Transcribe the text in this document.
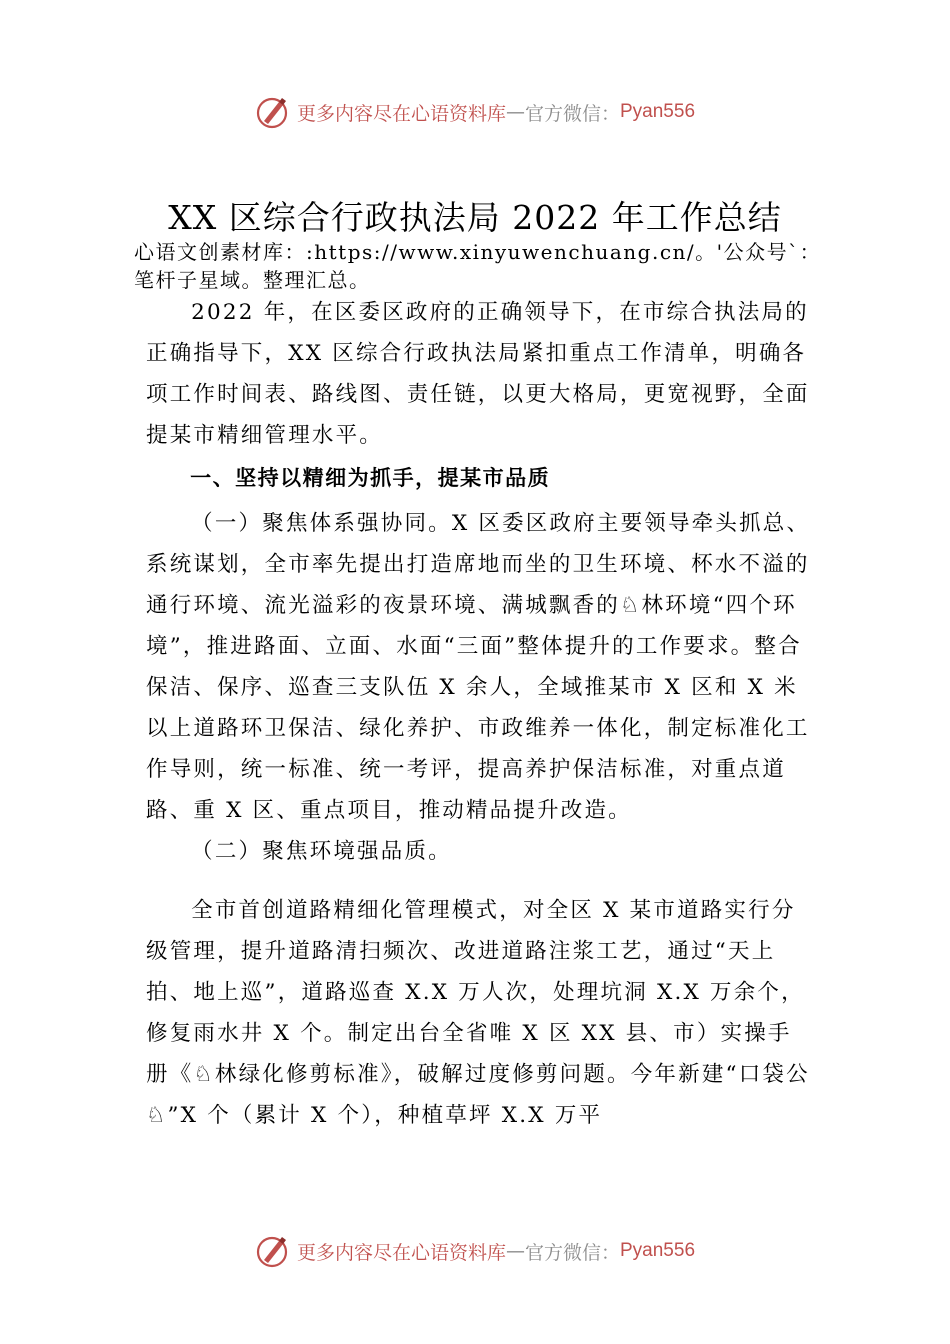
更多内容尽在心语资料库 — 官方微信： Pyan556
XX 区综合行政执法局 2022 年工作总结
心语文创素材库：:https://www.xinyuwenchuang.cn/。'公众号`：笔杆子星域。整理汇总。

2022 年，在区委区政府的正确领导下，在市综合执法局的正确指导下，XX 区综合行政执法局紧扣重点工作清单，明确各项工作时间表、路线图、责任链，以更大格局，更宽视野，全面提某市精细管理水平。

一、坚持以精细为抓手，提某市品质

（一）聚焦体系强协同。X 区委区政府主要领导牵头抓总、系统谋划，全市率先提出打造席地而坐的卫生环境、杯水不溢的通行环境、流光溢彩的夜景环境、满城飘香的♘林环境“四个环境”，推进路面、立面、水面“三面”整体提升的工作要求。整合保洁、保序、巡查三支队伍 X 余人，全域推某市 X 区和 X 米以上道路环卫保洁、绿化养护、市政维养一体化，制定标准化工作导则，统一标准、统一考评，提高养护保洁标准，对重点道路、重 X 区、重点项目，推动精品提升改造。

（二）聚焦环境强品质。

全市首创道路精细化管理模式，对全区 X 某市道路实行分级管理，提升道路清扫频次、改进道路注浆工艺，通过“天上拍、地上巡”，道路巡查 X.X 万人次，处理坑洞 X.X 万余个，修复雨水井 X 个。制定出台全省唯 X 区 XX 县、市）实操手册《♘林绿化修剪标准》，破解过度修剪问题。今年新建“口袋公♘”X 个（累计 X 个），种植草坪 X.X 万平

更多内容尽在心语资料库 — 官方微信： Pyan556
